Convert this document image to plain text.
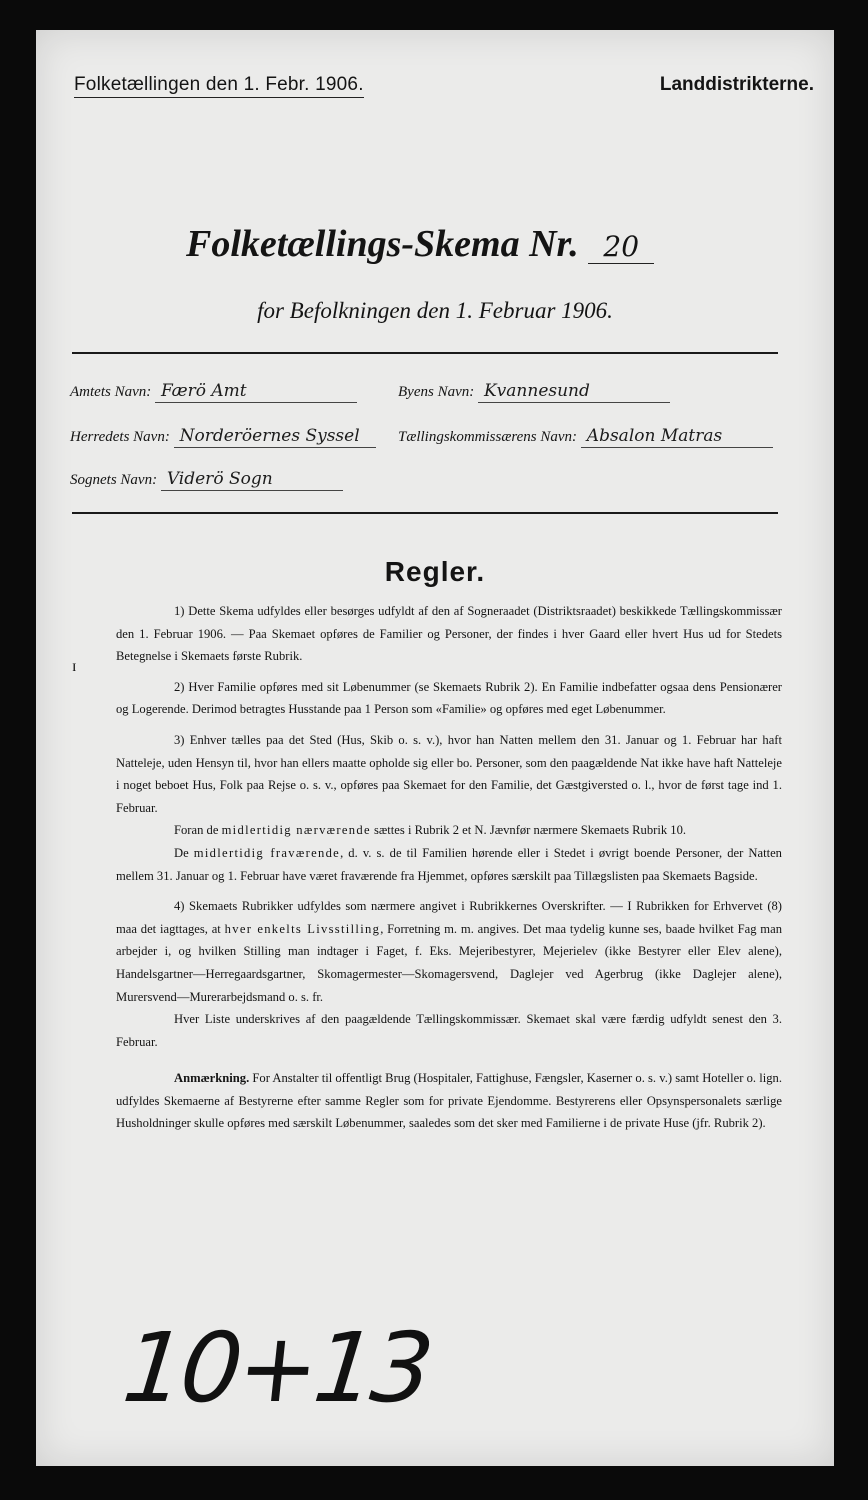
Folketællingen den 1. Febr. 1906.	Landdistrikterne.
Folketællings-Skema Nr. 20
for Befolkningen den 1. Februar 1906.
Amtets Navn: Færö Amt	Byens Navn: Kvannesund
Herredets Navn: Norderöernes Syssel	Tællingskommissærens Navn: Absalon Matras
Sognets Navn: Viderö Sogn
Regler.
ɪ

1) Dette Skema udfyldes eller besørges udfyldt af den af Sogneraadet (Distriktsraadet) beskikkede Tællingskommissær den 1. Februar 1906. — Paa Skemaet opføres de Familier og Personer, der findes i hver Gaard eller hvert Hus ud for Stedets Betegnelse i Skemaets første Rubrik.

2) Hver Familie opføres med sit Løbenummer (se Skemaets Rubrik 2). En Familie indbefatter ogsaa dens Pensionærer og Logerende. Derimod betragtes Husstande paa 1 Person som «Familie» og opføres med eget Løbenummer.

3) Enhver tælles paa det Sted (Hus, Skib o. s. v.), hvor han Natten mellem den 31. Januar og 1. Februar har haft Natteleje, uden Hensyn til, hvor han ellers maatte opholde sig eller bo. Personer, som den paagældende Nat ikke have haft Natteleje i noget beboet Hus, Folk paa Rejse o. s. v., opføres paa Skemaet for den Familie, det Gæstgiversted o. l., hvor de først tage ind 1. Februar.

Foran de midlertidig nærværende sættes i Rubrik 2 et N. Jævnfør nærmere Skemaets Rubrik 10.

De midlertidig fraværende, d. v. s. de til Familien hørende eller i Stedet i øvrigt boende Personer, der Natten mellem 31. Januar og 1. Februar have været fraværende fra Hjemmet, opføres særskilt paa Tillægslisten paa Skemaets Bagside.

4) Skemaets Rubrikker udfyldes som nærmere angivet i Rubrikkernes Overskrifter. — I Rubrikken for Erhvervet (8) maa det iagttages, at hver enkelts Livsstilling, Forretning m. m. angives. Det maa tydelig kunne ses, baade hvilket Fag man arbejder i, og hvilken Stilling man indtager i Faget, f. Eks. Mejeribestyrer, Mejerielev (ikke Bestyrer eller Elev alene), Handelsgartner—Herregaardsgartner, Skomagermester—Skomagersvend, Daglejer ved Agerbrug (ikke Daglejer alene), Murersvend—Murerarbejdsmand o. s. fr.

Hver Liste underskrives af den paagældende Tællingskommissær. Skemaet skal være færdig udfyldt senest den 3. Februar.

Anmærkning. For Anstalter til offentligt Brug (Hospitaler, Fattighuse, Fængsler, Kaserner o. s. v.) samt Hoteller o. lign. udfyldes Skemaerne af Bestyrerne efter samme Regler som for private Ejendomme. Bestyrerens eller Opsynspersonalets særlige Husholdninger skulle opføres med særskilt Løbenummer, saaledes som det sker med Familierne i de private Huse (jfr. Rubrik 2).

10+13
